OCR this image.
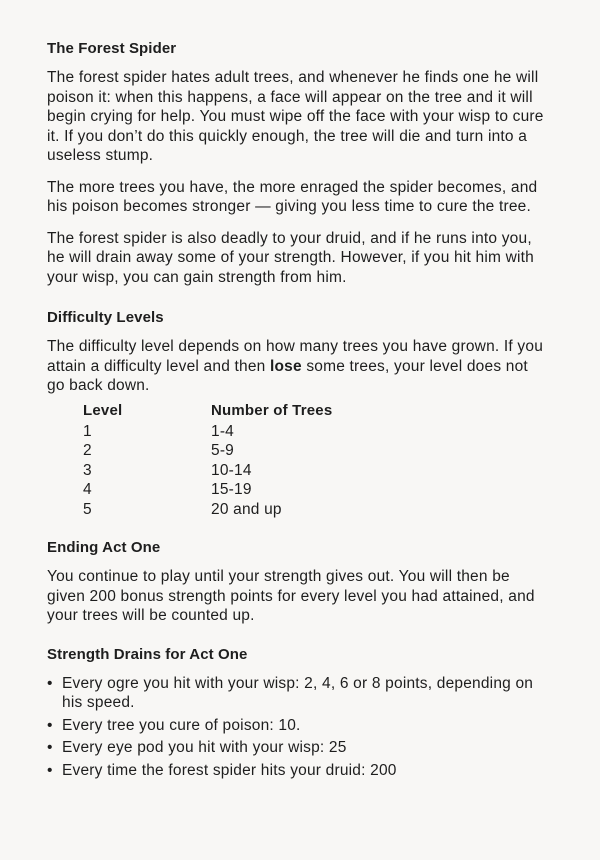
The Forest Spider

The forest spider hates adult trees, and whenever he finds one he will poison it: when this happens, a face will appear on the tree and it will begin crying for help. You must wipe off the face with your wisp to cure it. If you don’t do this quickly enough, the tree will die and turn into a useless stump.

The more trees you have, the more enraged the spider becomes, and his poison becomes stronger — giving you less time to cure the tree.

The forest spider is also deadly to your druid, and if he runs into you, he will drain away some of your strength. However, if you hit him with your wisp, you can gain strength from him.

Difficulty Levels

The difficulty level depends on how many trees you have grown. If you attain a difficulty level and then lose some trees, your level does not go back down.

Level	Number of Trees
1	1-4
2	5-9
3	10-14
4	15-19
5	20 and up
Ending Act One

You continue to play until your strength gives out. You will then be given 200 bonus strength points for every level you had attained, and your trees will be counted up.

Strength Drains for Act One
• Every ogre you hit with your wisp: 2, 4, 6 or 8 points, depending on his speed.
• Every tree you cure of poison: 10.
• Every eye pod you hit with your wisp: 25
• Every time the forest spider hits your druid: 200
